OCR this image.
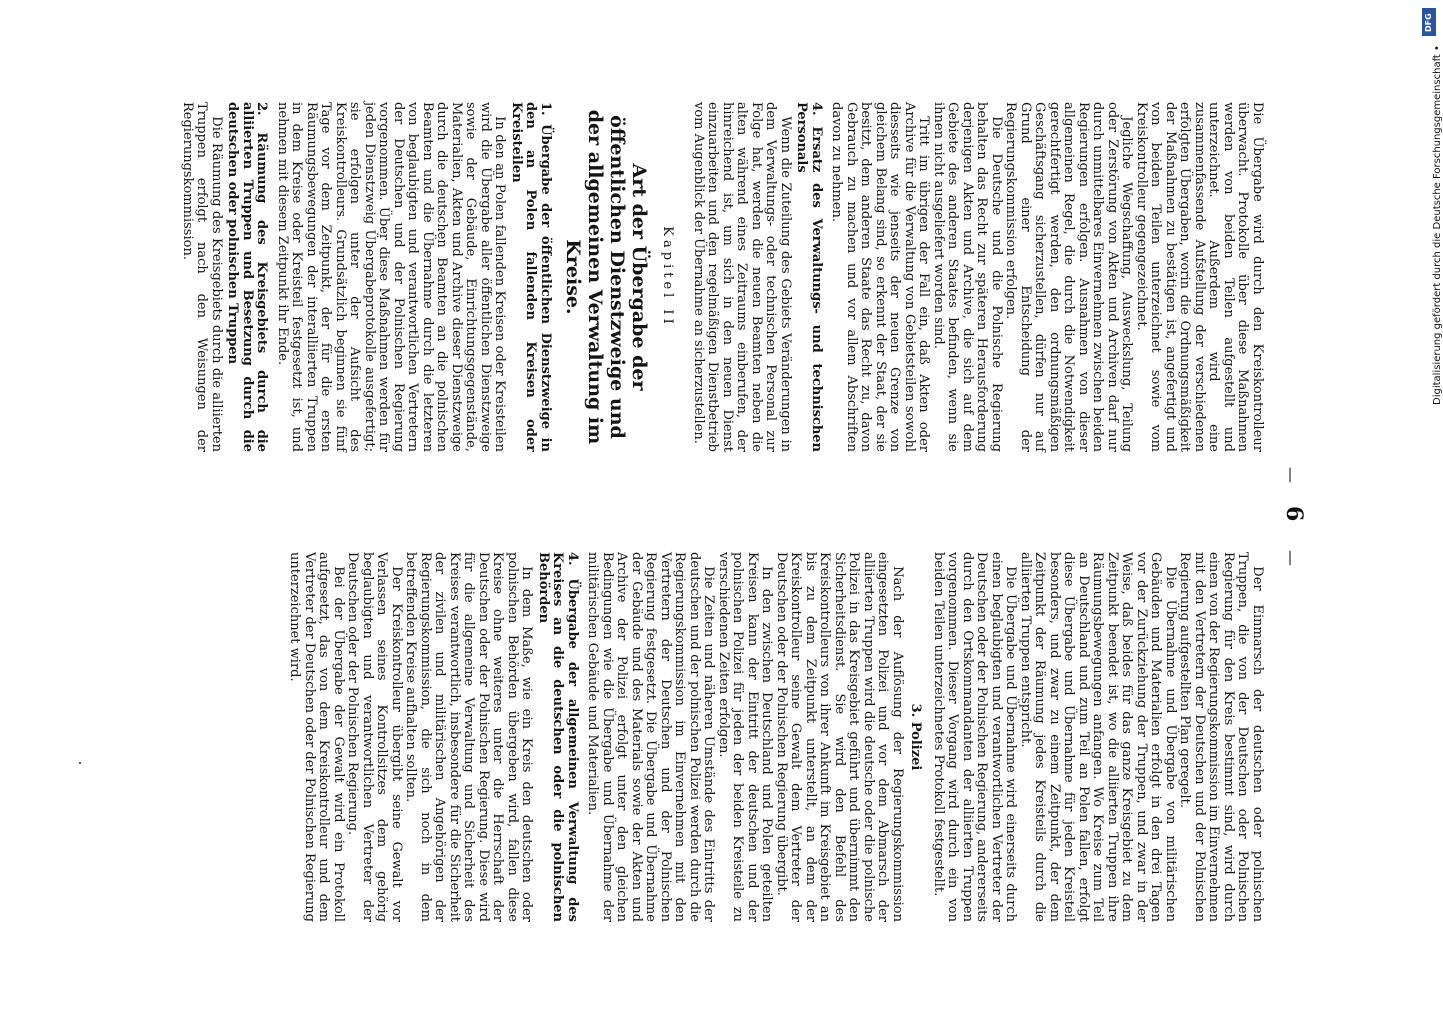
—
6
—

Die Übergabe wird durch den Kreiskontrolleur überwacht. Protokolle über diese Maßnahmen werden von beiden Teilen aufgestellt und unterzeichnet. Außerdem wird eine zusammenfassende Aufstellung der verschiedenen erfolgten Übergaben, worin die Ordnungsmäßigkeit der Maßnahmen zu bestätigen ist, angefertigt und von beiden Teilen unterzeichnet sowie vom Kreiskontrolleur gegengezeichnet.

Jegliche Wegschaffung, Ausweckslung, Teilung oder Zerstörung von Akten und Archiven darf nur durch unmittelbares Einvernehmen zwischen beiden Regierungen erfolgen. Ausnahmen von dieser allgemeinen Regel, die durch die Notwendigkeit gerechtfertigt werden, den ordnungsmäßigen Geschäftsgang sicherzustellen, dürfen nur auf Grund einer Entscheidung der Regierungskommission erfolgen.

Die Deutsche und die Polnische Regierung behalten das Recht zur späteren Herausforderung derjenigen Akten und Archive, die sich auf dem Gebiete des anderen Staates befinden, wenn sie ihnen nicht ausgeliefert worden sind.

Tritt im übrigen der Fall ein, daß Akten oder Archive für die Verwaltung von Gebietsteilen sowohl diesseits wie jenseits der neuen Grenze von gleichem Belang sind, so erkennt der Staat, der sie besitzt, dem anderen Staate das Recht zu, davon Gebrauch zu machen und vor allem Abschriften davon zu nehmen.

4. Ersatz des Verwaltungs- und technischen Personals

Wenn die Zuteilung des Gebiets Veränderungen in dem Verwaltungs- oder technischen Personal zur Folge hat, werden die neuen Beamten neben die alten während eines Zeitraums einberufen, der hinreichend ist, um sich in den neuen Dienst einzuarbeiten und den regelmäßigen Dienstbetrieb vom Augenblick der Übernahme an sicherzustellen.

Kapitel II
Art der Übergabe der öffentlichen Dienstzweige und der allgemeinen Verwaltung im Kreise.
1. Übergabe der öffentlichen Dienstzweige in den an Polen fallenden Kreisen oder Kreisteilen

In den an Polen fallenden Kreisen oder Kreisteilen wird die Übergabe aller öffentlichen Dienstzweige sowie der Gebäude, Einrichtungsgegenstände, Materialien, Akten und Archive dieser Dienstzweige durch die deutschen Beamten an die polnischen Beamten und die Übernahme durch die letzteren von beglaubigten und verantwortlichen Vertretern der Deutschen und der Polnischen Regierung vorgenommen. Über diese Maßnahmen werden für jeden Dienstzweig Übergabeprotokolle ausgefertigt; sie erfolgen unter der Aufsicht des Kreiskontrolleurs. Grundsätzlich beginnen sie fünf Tage vor dem Zeitpunkt, der für die ersten Räumungsbewegungen der interalliierten Truppen in dem Kreise oder Kreisteil festgesetzt ist, und nehmen mit diesem Zeitpunkt ihr Ende.

2. Räumung des Kreisgebiets durch die alliierten Truppen und Besetzung durch die deutschen oder polnischen Truppen

Die Räumung des Kreisgebiets durch die alliierten Truppen erfolgt nach den Weisungen der Regierungskommission.

Der Einmarsch der deutschen oder polnischen Truppen, die von der Deutschen oder Polnischen Regierung für den Kreis bestimmt sind, wird durch einen von der Regierungskommission im Einvernehmen mit den Vertretern der Deutschen und der Polnischen Regierung aufgestellten Plan geregelt.

Die Übernahme und Übergabe von militärischen Gebäuden und Materialien erfolgt in den drei Tagen vor der Zurückziehung der Truppen, und zwar in der Weise, daß beides für das ganze Kreisgebiet zu dem Zeitpunkt beendet ist, wo die alliierten Truppen ihre Räumungsbewegungen anfangen. Wo Kreise zum Teil an Deutschland und zum Teil an Polen fallen, erfolgt diese Übergabe und Übernahme für jeden Kreisteil besonders, und zwar zu einem Zeitpunkt, der dem Zeitpunkt der Räumung jedes Kreisteils durch die alliierten Truppen entspricht.

Die Übergabe und Übernahme wird einerseits durch einen beglaubigten und verantwortlichen Vertreter der Deutschen oder der Polnischen Regierung, andererseits durch den Ortskommandanten der alliierten Truppen vorgenommen. Dieser Vorgang wird durch ein von beiden Teilen unterzeichnetes Protokoll festgestellt.

3. Polizei

Nach der Auflösung der Regierungskommission eingesetzten Polizei und vor dem Abmarsch der alliierten Truppen wird die deutsche oder die polnische Polizei in das Kreisgebiet geführt und übernimmt den Sicherheitsdienst. Sie wird den Befehl des Kreiskontrolleurs von ihrer Ankunft im Kreisgebiet an bis zu dem Zeitpunkt unterstellt, an dem der Kreiskontrolleur seine Gewalt dem Vertreter der Deutschen oder der Polnischen Regierung übergibt.

In den zwischen Deutschland und Polen geteilten Kreisen kann der Eintritt der deutschen und der polnischen Polizei für jeden der beiden Kreisteile zu verschiedenen Zeiten erfolgen.

Die Zeiten und näheren Umstände des Eintritts der deutschen und der polnischen Polizei werden durch die Regierungskommission im Einvernehmen mit den Vertretern der Deutschen und der Polnischen Regierung festgesetzt. Die Übergabe und Übernahme der Gebäude und des Materials sowie der Akten und Archive der Polizei erfolgt unter den gleichen Bedingungen wie die Übergabe und Übernahme der militärischen Gebäude und Materialien.

4. Übergabe der allgemeinen Verwaltung des Kreises an die deutschen oder die polnischen Behörden

In dem Maße, wie ein Kreis den deutschen oder polnischen Behörden übergeben wird, fallen diese Kreise ohne weiteres unter die Herrschaft der Deutschen oder der Polnischen Regierung. Diese wird für die allgemeine Verwaltung und Sicherheit des Kreises verantwortlich, insbesondere für die Sicherheit der zivilen und militärischen Angehörigen der Regierungskommission, die sich noch in dem betreffenden Kreise aufhalten sollten.

Der Kreiskontrolleur übergibt seine Gewalt vor Verlassen seines Kontrollsitzes dem gehörig beglaubigten und verantwortlichen Vertreter der Deutschen oder der Polnischen Regierung.

Bei der Übergabe der Gewalt wird ein Protokoll aufgesetzt, das von dem Kreiskontrolleur und dem Vertreter der Deutschen oder der Polnischen Regierung unterzeichnet wird.

Digitalisierung gefördert durch die Deutsche Forschungsgemeinschaft •
DFG
